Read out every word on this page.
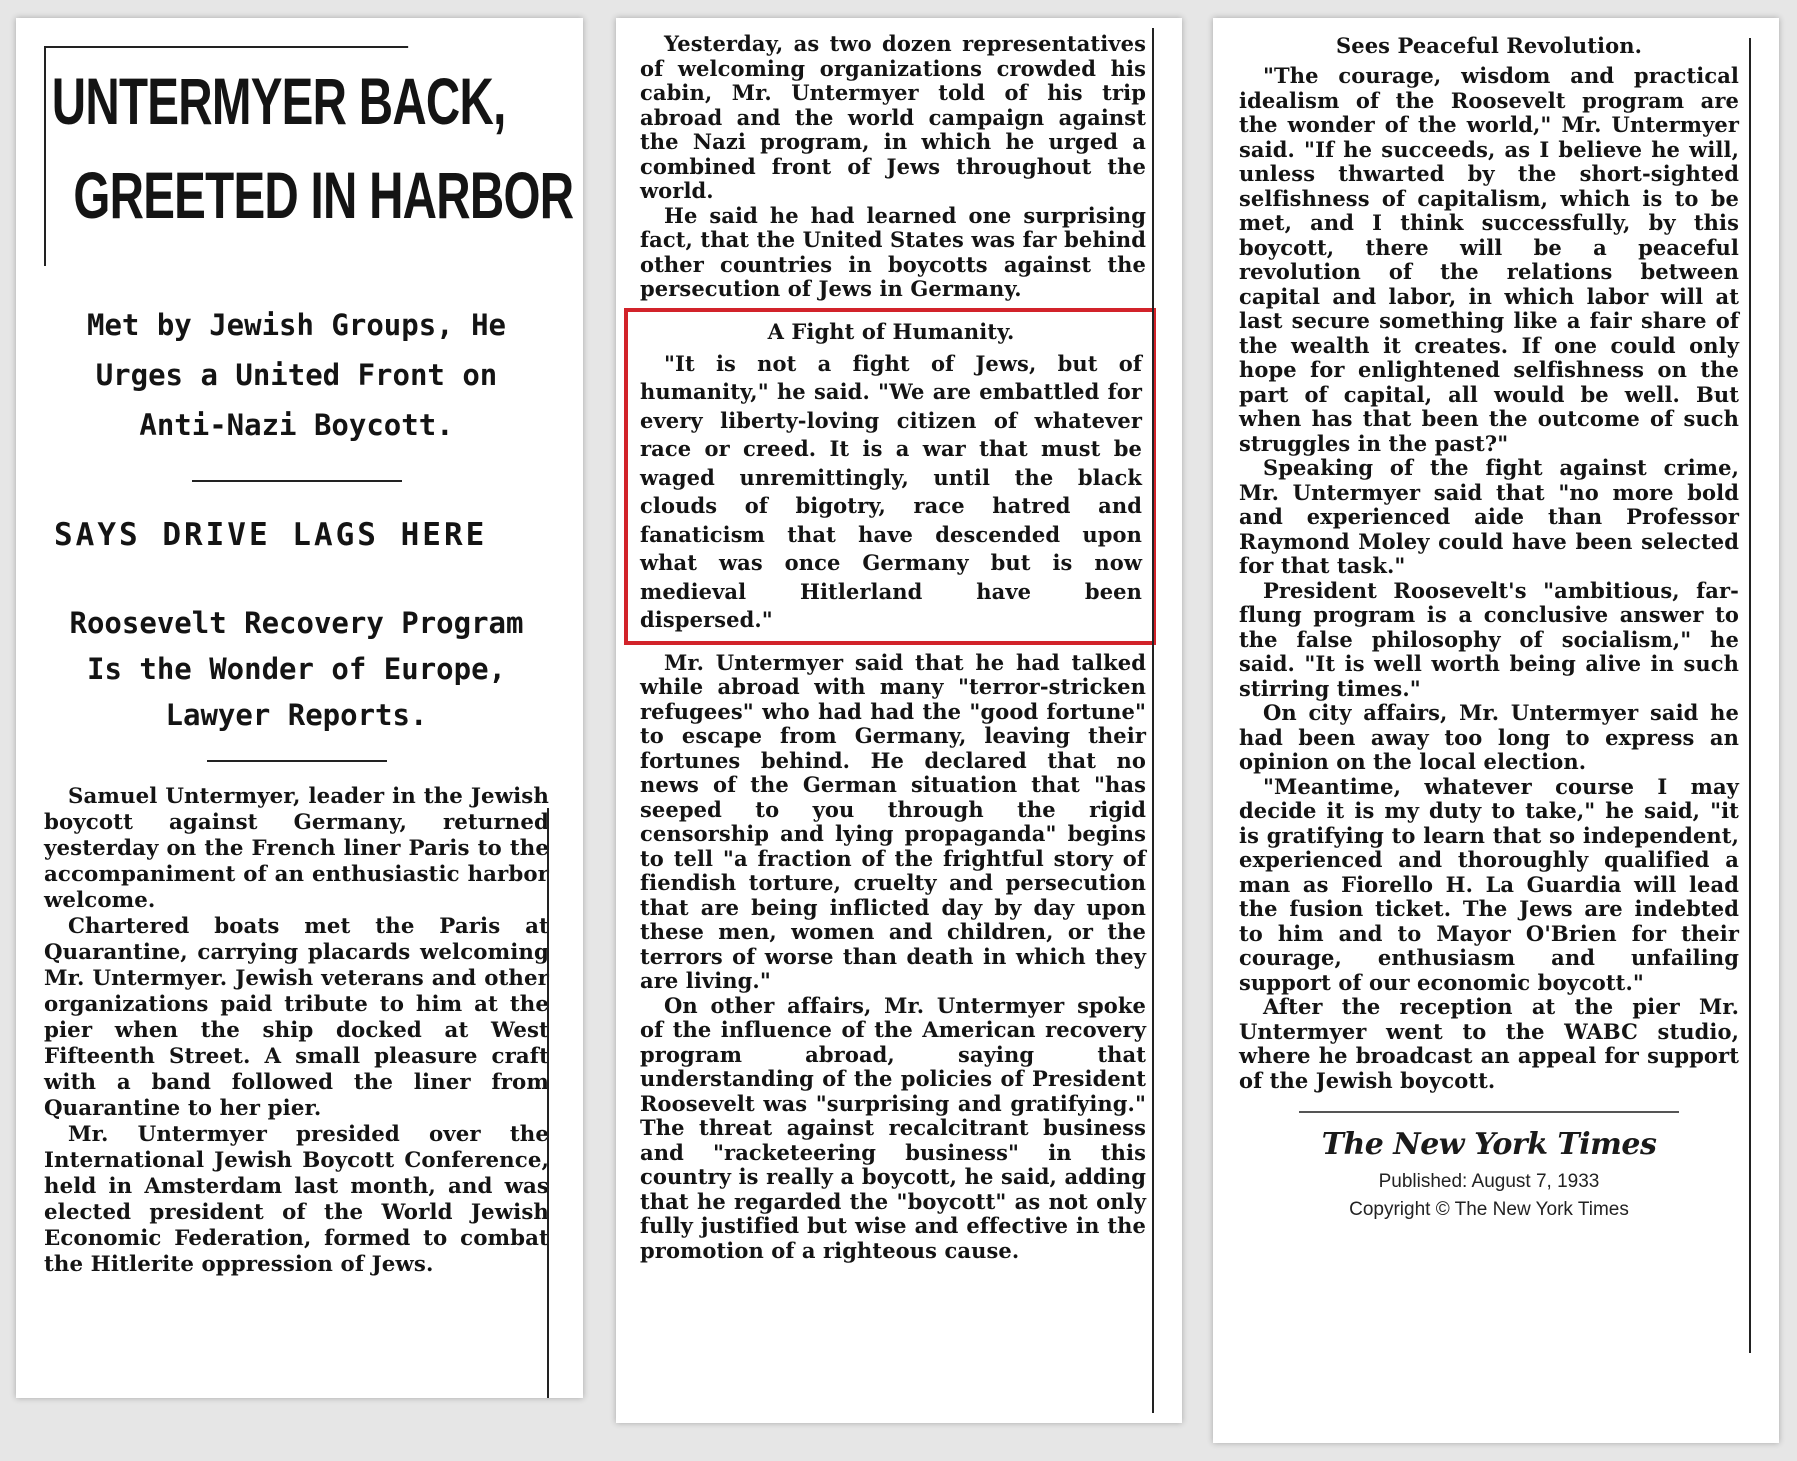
UNTERMYER BACK,
GREETED IN HARBOR
Met by Jewish Groups, He Urges a United Front on Anti-Nazi Boycott.
SAYS DRIVE LAGS HERE
Roosevelt Recovery Program Is the Wonder of Europe, Lawyer Reports.

Samuel Untermyer, leader in the Jewish boycott against Germany, returned yesterday on the French liner Paris to the accompaniment of an enthusiastic harbor welcome.

Chartered boats met the Paris at Quarantine, carrying placards welcoming Mr. Untermyer. Jewish veterans and other organizations paid tribute to him at the pier when the ship docked at West Fifteenth Street. A small pleasure craft with a band followed the liner from Quarantine to her pier.

Mr. Untermyer presided over the International Jewish Boycott Conference, held in Amsterdam last month, and was elected president of the World Jewish Economic Federation, formed to combat the Hitlerite oppression of Jews.

Yesterday, as two dozen representatives of welcoming organizations crowded his cabin, Mr. Untermyer told of his trip abroad and the world campaign against the Nazi program, in which he urged a combined front of Jews throughout the world.

He said he had learned one surprising fact, that the United States was far behind other countries in boycotts against the persecution of Jews in Germany.

A Fight of Humanity.

"It is not a fight of Jews, but of humanity," he said. "We are embattled for every liberty-loving citizen of whatever race or creed. It is a war that must be waged unremittingly, until the black clouds of bigotry, race hatred and fanaticism that have descended upon what was once Germany but is now medieval Hitlerland have been dispersed."

Mr. Untermyer said that he had talked while abroad with many "terror-stricken refugees" who had had the "good fortune" to escape from Germany, leaving their fortunes behind. He declared that no news of the German situation that "has seeped to you through the rigid censorship and lying propaganda" begins to tell "a fraction of the frightful story of fiendish torture, cruelty and persecution that are being inflicted day by day upon these men, women and children, or the terrors of worse than death in which they are living."

On other affairs, Mr. Untermyer spoke of the influence of the American recovery program abroad, saying that understanding of the policies of President Roosevelt was "surprising and gratifying." The threat against recalcitrant business and "racketeering business" in this country is really a boycott, he said, adding that he regarded the "boycott" as not only fully justified but wise and effective in the promotion of a righteous cause.

Sees Peaceful Revolution.

"The courage, wisdom and practical idealism of the Roosevelt program are the wonder of the world," Mr. Untermyer said. "If he succeeds, as I believe he will, unless thwarted by the short-sighted selfishness of capitalism, which is to be met, and I think successfully, by this boycott, there will be a peaceful revolution of the relations between capital and labor, in which labor will at last secure something like a fair share of the wealth it creates. If one could only hope for enlightened selfishness on the part of capital, all would be well. But when has that been the outcome of such struggles in the past?"

Speaking of the fight against crime, Mr. Untermyer said that "no more bold and experienced aide than Professor Raymond Moley could have been selected for that task."

President Roosevelt's "ambitious, far-flung program is a conclusive answer to the false philosophy of socialism," he said. "It is well worth being alive in such stirring times."

On city affairs, Mr. Untermyer said he had been away too long to express an opinion on the local election.

"Meantime, whatever course I may decide it is my duty to take," he said, "it is gratifying to learn that so independent, experienced and thoroughly qualified a man as Fiorello H. La Guardia will lead the fusion ticket. The Jews are indebted to him and to Mayor O'Brien for their courage, enthusiasm and unfailing support of our economic boycott."

After the reception at the pier Mr. Untermyer went to the WABC studio, where he broadcast an appeal for support of the Jewish boycott.

The New York Times
Published: August 7, 1933
Copyright © The New York Times
